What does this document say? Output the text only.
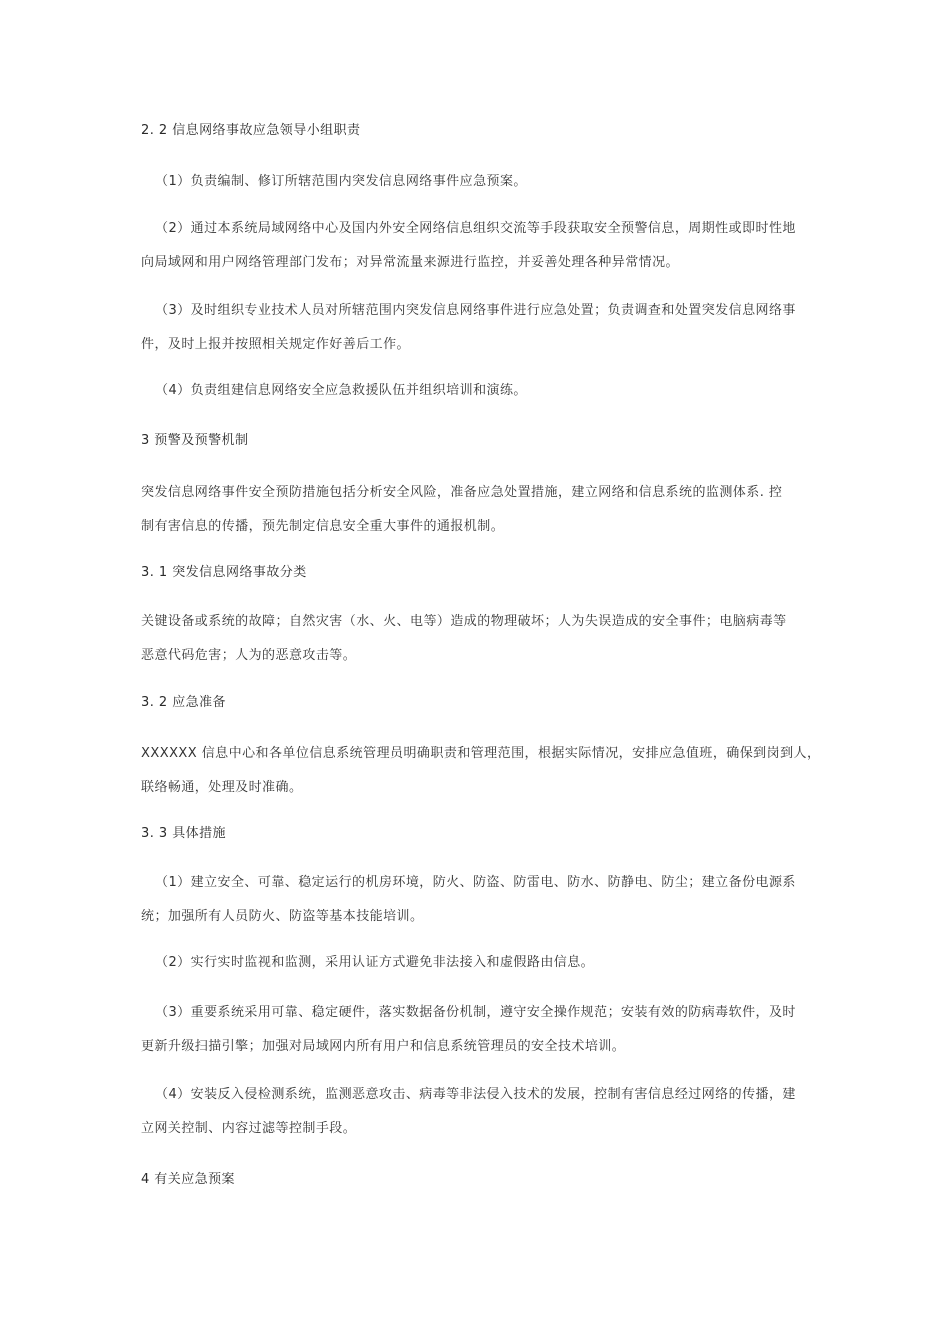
2. 2 信息网络事故应急领导小组职责
（1）负责编制、修订所辖范围内突发信息网络事件应急预案。
（2）通过本系统局域网络中心及国内外安全网络信息组织交流等手段获取安全预警信息，周期性或即时性地
向局域网和用户网络管理部门发布；对异常流量来源进行监控，并妥善处理各种异常情况。
（3）及时组织专业技术人员对所辖范围内突发信息网络事件进行应急处置；负责调查和处置突发信息网络事
件，及时上报并按照相关规定作好善后工作。
（4）负责组建信息网络安全应急救援队伍并组织培训和演练。
3 预警及预警机制
突发信息网络事件安全预防措施包括分析安全风险，准备应急处置措施，建立网络和信息系统的监测体系. 控
制有害信息的传播，预先制定信息安全重大事件的通报机制。
3. 1 突发信息网络事故分类
关键设备或系统的故障；自然灾害（水、火、电等）造成的物理破坏；人为失误造成的安全事件；电脑病毒等
恶意代码危害；人为的恶意攻击等。
3. 2 应急准备
XXXXXX 信息中心和各单位信息系统管理员明确职责和管理范围，根据实际情况，安排应急值班，确保到岗到人，
联络畅通，处理及时准确。
3. 3 具体措施
（1）建立安全、可靠、稳定运行的机房环境，防火、防盗、防雷电、防水、防静电、防尘；建立备份电源系
统；加强所有人员防火、防盗等基本技能培训。
（2）实行实时监视和监测，采用认证方式避免非法接入和虚假路由信息。
（3）重要系统采用可靠、稳定硬件，落实数据备份机制，遵守安全操作规范；安装有效的防病毒软件，及时
更新升级扫描引擎；加强对局域网内所有用户和信息系统管理员的安全技术培训。
（4）安装反入侵检测系统，监测恶意攻击、病毒等非法侵入技术的发展，控制有害信息经过网络的传播，建
立网关控制、内容过滤等控制手段。
4 有关应急预案
